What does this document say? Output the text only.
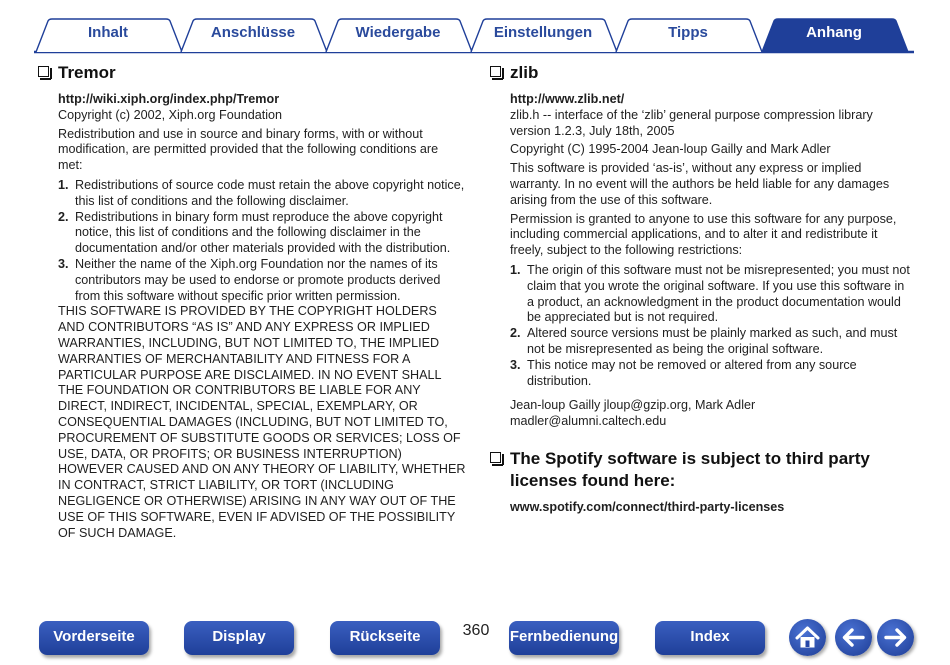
Inhalt	Anschlüsse	Wiedergabe	Einstellungen	Tipps	Anhang
Tremor

http://wiki.xiph.org/index.php/Tremor

Copyright (c) 2002, Xiph.org Foundation

Redistribution and use in source and binary forms, with or without modification, are permitted provided that the following conditions are met:

1. Redistributions of source code must retain the above copyright notice, this list of conditions and the following disclaimer.
2. Redistributions in binary form must reproduce the above copyright notice, this list of conditions and the following disclaimer in the documentation and/or other materials provided with the distribution.
3. Neither the name of the Xiph.org Foundation nor the names of its contributors may be used to endorse or promote products derived from this software without specific prior written permission.

THIS SOFTWARE IS PROVIDED BY THE COPYRIGHT HOLDERS AND CONTRIBUTORS “AS IS” AND ANY EXPRESS OR IMPLIED WARRANTIES, INCLUDING, BUT NOT LIMITED TO, THE IMPLIED WARRANTIES OF MERCHANTABILITY AND FITNESS FOR A PARTICULAR PURPOSE ARE DISCLAIMED. IN NO EVENT SHALL THE FOUNDATION OR CONTRIBUTORS BE LIABLE FOR ANY DIRECT, INDIRECT, INCIDENTAL, SPECIAL, EXEMPLARY, OR CONSEQUENTIAL DAMAGES (INCLUDING, BUT NOT LIMITED TO, PROCUREMENT OF SUBSTITUTE GOODS OR SERVICES; LOSS OF USE, DATA, OR PROFITS; OR BUSINESS INTERRUPTION) HOWEVER CAUSED AND ON ANY THEORY OF LIABILITY, WHETHER IN CONTRACT, STRICT LIABILITY, OR TORT (INCLUDING NEGLIGENCE OR OTHERWISE) ARISING IN ANY WAY OUT OF THE USE OF THIS SOFTWARE, EVEN IF ADVISED OF THE POSSIBILITY OF SUCH DAMAGE.

zlib

http://www.zlib.net/

zlib.h -- interface of the ‘zlib’ general purpose compression library version 1.2.3, July 18th, 2005

Copyright (C) 1995-2004 Jean-loup Gailly and Mark Adler

This software is provided ‘as-is’, without any express or implied warranty. In no event will the authors be held liable for any damages arising from the use of this software.

Permission is granted to anyone to use this software for any purpose, including commercial applications, and to alter it and redistribute it freely, subject to the following restrictions:

1. The origin of this software must not be misrepresented; you must not claim that you wrote the original software. If you use this software in a product, an acknowledgment in the product documentation would be appreciated but is not required.
2. Altered source versions must be plainly marked as such, and must not be misrepresented as being the original software.
3. This notice may not be removed or altered from any source distribution.

Jean-loup Gailly jloup@gzip.org, Mark Adler madler@alumni.caltech.edu

The Spotify software is subject to third party licenses found here:

www.spotify.com/connect/third-party-licenses

Vorderseite	Display	Rückseite	360	Fernbedienung	Index
